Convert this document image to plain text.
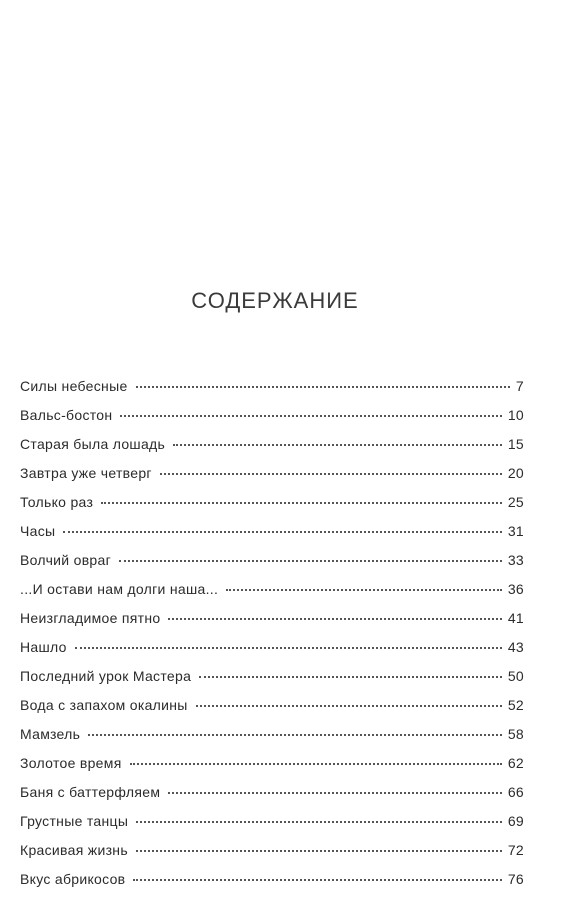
СОДЕРЖАНИЕ
Силы небесные	7
Вальс-бостон	10
Старая была лошадь	15
Завтра уже четверг	20
Только раз	25
Часы	31
Волчий овраг	33
...И остави нам долги наша...	36
Неизгладимое пятно	41
Нашло	43
Последний урок Мастера	50
Вода с запахом окалины	52
Мамзель	58
Золотое время	62
Баня с баттерфляем	66
Грустные танцы	69
Красивая жизнь	72
Вкус абрикосов	76
